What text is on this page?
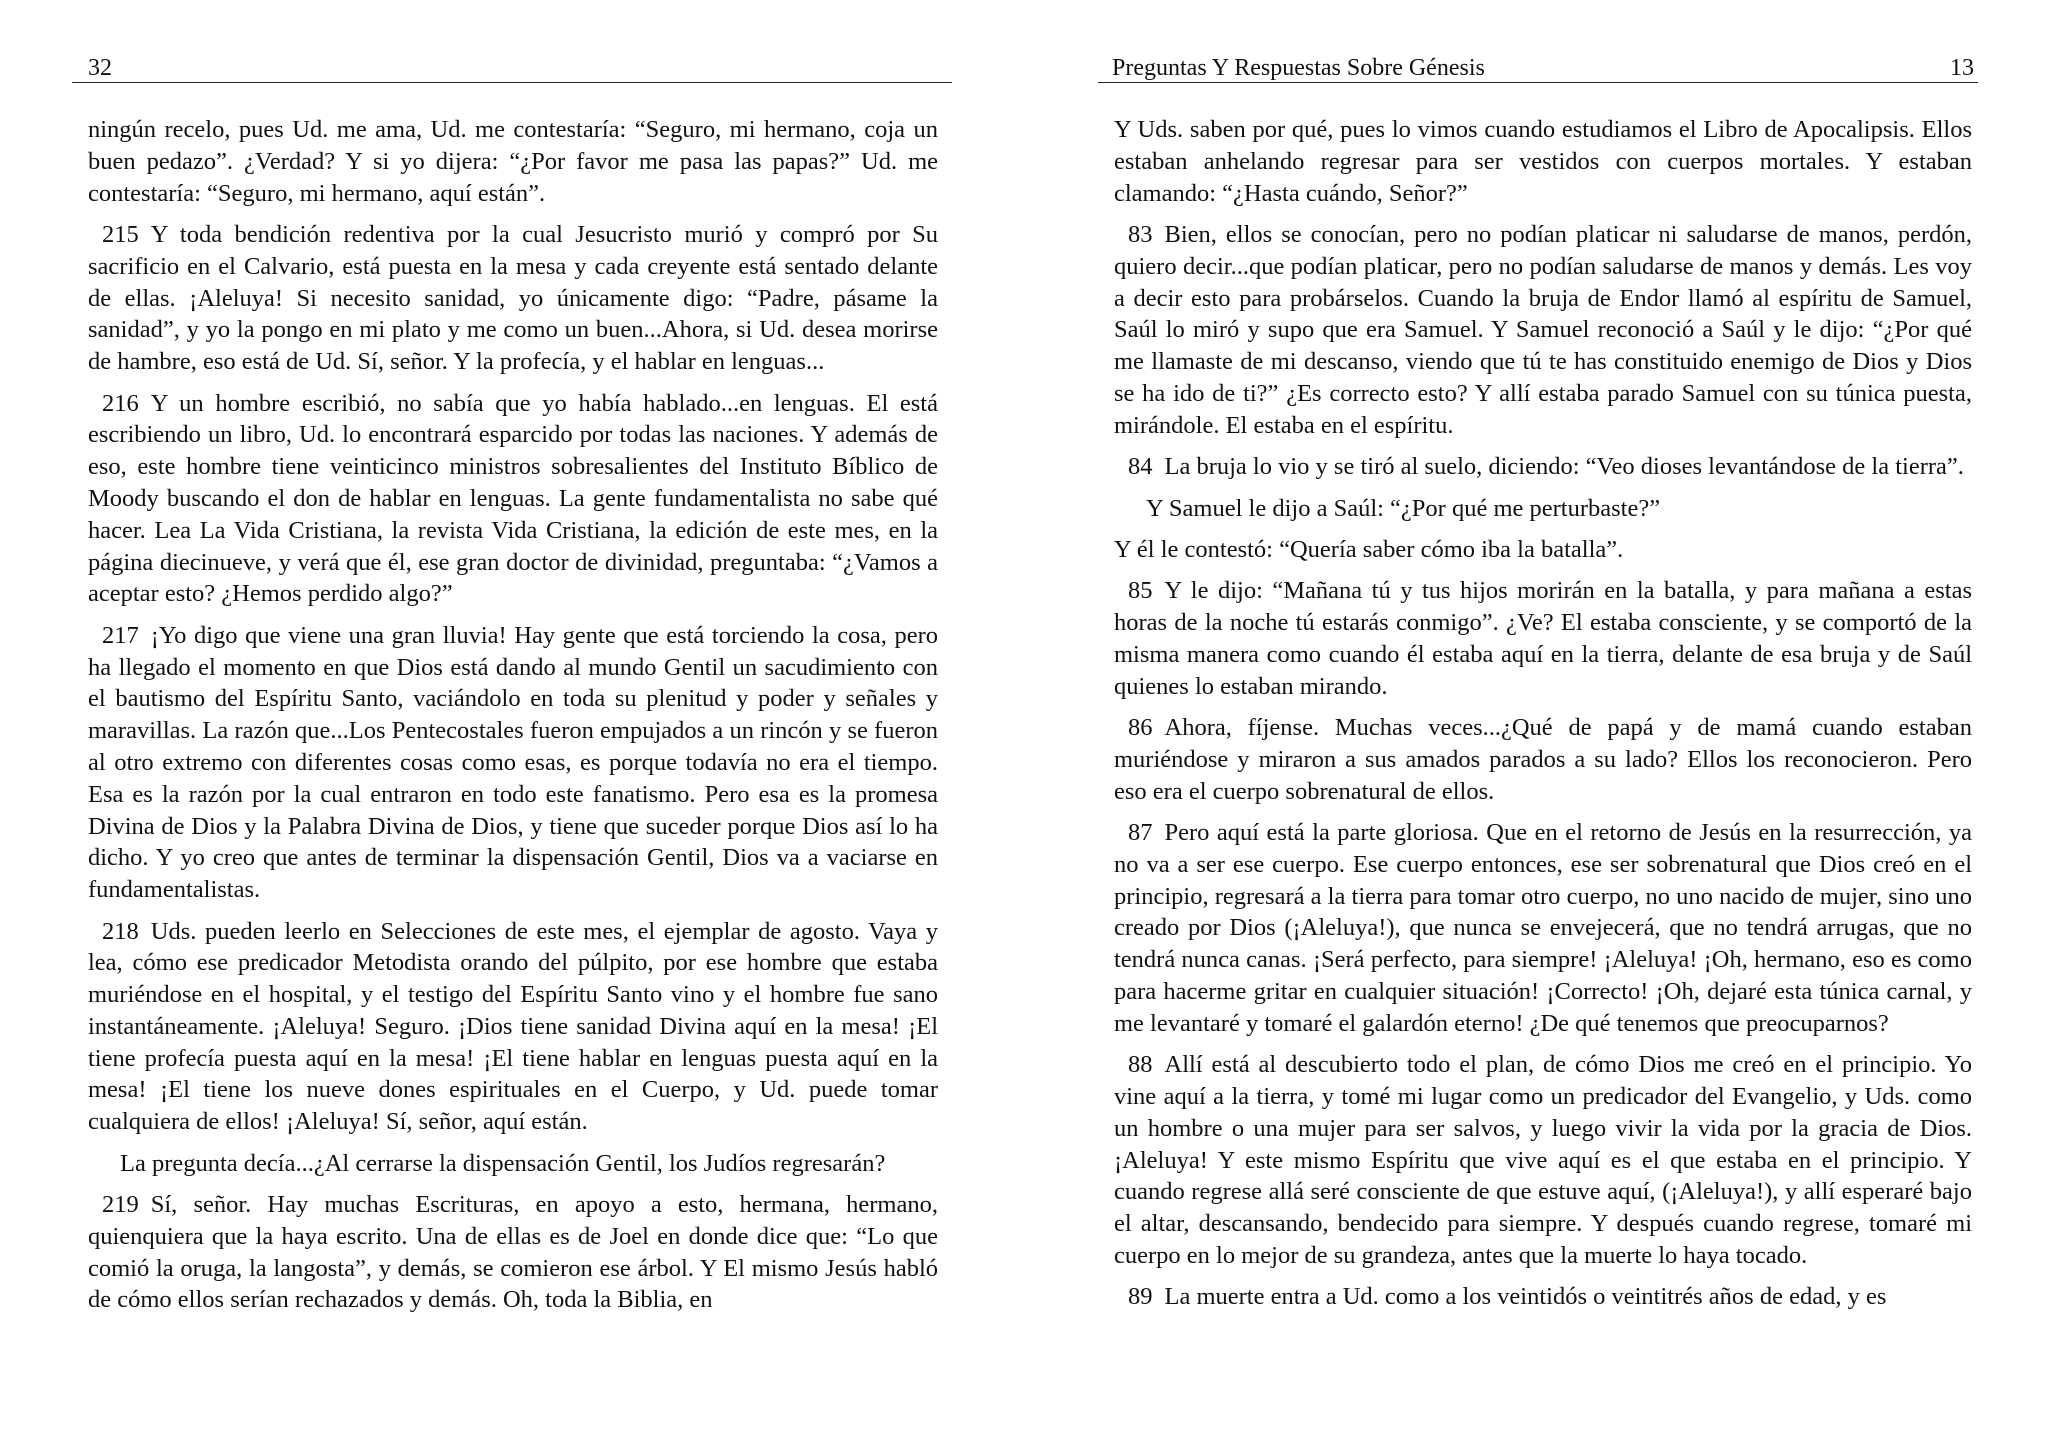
32

ningún recelo, pues Ud. me ama, Ud. me contestaría: “Seguro, mi hermano, coja un buen pedazo”. ¿Verdad? Y si yo dijera: “¿Por favor me pasa las papas?” Ud. me contestaría: “Seguro, mi hermano, aquí están”.

215 Y toda bendición redentiva por la cual Jesucristo murió y compró por Su sacrificio en el Calvario, está puesta en la mesa y cada creyente está sentado delante de ellas. ¡Aleluya! Si necesito sanidad, yo únicamente digo: “Padre, pásame la sanidad”, y yo la pongo en mi plato y me como un buen...Ahora, si Ud. desea morirse de hambre, eso está de Ud. Sí, señor. Y la profecía, y el hablar en lenguas...

216 Y un hombre escribió, no sabía que yo había hablado...en lenguas. El está escribiendo un libro, Ud. lo encontrará esparcido por todas las naciones. Y además de eso, este hombre tiene veinticinco ministros sobresalientes del Instituto Bíblico de Moody buscando el don de hablar en lenguas. La gente fundamentalista no sabe qué hacer. Lea La Vida Cristiana, la revista Vida Cristiana, la edición de este mes, en la página diecinueve, y verá que él, ese gran doctor de divinidad, preguntaba: “¿Vamos a aceptar esto? ¿Hemos perdido algo?”

217 ¡Yo digo que viene una gran lluvia! Hay gente que está torciendo la cosa, pero ha llegado el momento en que Dios está dando al mundo Gentil un sacudimiento con el bautismo del Espíritu Santo, vaciándolo en toda su plenitud y poder y señales y maravillas. La razón que...Los Pentecostales fueron empujados a un rincón y se fueron al otro extremo con diferentes cosas como esas, es porque todavía no era el tiempo. Esa es la razón por la cual entraron en todo este fanatismo. Pero esa es la promesa Divina de Dios y la Palabra Divina de Dios, y tiene que suceder porque Dios así lo ha dicho. Y yo creo que antes de terminar la dispensación Gentil, Dios va a vaciarse en fundamentalistas.

218 Uds. pueden leerlo en Selecciones de este mes, el ejemplar de agosto. Vaya y lea, cómo ese predicador Metodista orando del púlpito, por ese hombre que estaba muriéndose en el hospital, y el testigo del Espíritu Santo vino y el hombre fue sano instantáneamente. ¡Aleluya! Seguro. ¡Dios tiene sanidad Divina aquí en la mesa! ¡El tiene profecía puesta aquí en la mesa! ¡El tiene hablar en lenguas puesta aquí en la mesa! ¡El tiene los nueve dones espirituales en el Cuerpo, y Ud. puede tomar cualquiera de ellos! ¡Aleluya! Sí, señor, aquí están.

La pregunta decía...¿Al cerrarse la dispensación Gentil, los Judíos regresarán?

219 Sí, señor. Hay muchas Escrituras, en apoyo a esto, hermana, hermano, quienquiera que la haya escrito. Una de ellas es de Joel en donde dice que: “Lo que comió la oruga, la langosta”, y demás, se comieron ese árbol. Y El mismo Jesús habló de cómo ellos serían rechazados y demás. Oh, toda la Biblia, en

Preguntas Y Respuestas Sobre Génesis	13

Y Uds. saben por qué, pues lo vimos cuando estudiamos el Libro de Apocalipsis. Ellos estaban anhelando regresar para ser vestidos con cuerpos mortales. Y estaban clamando: “¿Hasta cuándo, Señor?”

83 Bien, ellos se conocían, pero no podían platicar ni saludarse de manos, perdón, quiero decir...que podían platicar, pero no podían saludarse de manos y demás. Les voy a decir esto para probárselos. Cuando la bruja de Endor llamó al espíritu de Samuel, Saúl lo miró y supo que era Samuel. Y Samuel reconoció a Saúl y le dijo: “¿Por qué me llamaste de mi descanso, viendo que tú te has constituido enemigo de Dios y Dios se ha ido de ti?” ¿Es correcto esto? Y allí estaba parado Samuel con su túnica puesta, mirándole. El estaba en el espíritu.

84 La bruja lo vio y se tiró al suelo, diciendo: “Veo dioses levantándose de la tierra”.

Y Samuel le dijo a Saúl: “¿Por qué me perturbaste?”

Y él le contestó: “Quería saber cómo iba la batalla”.

85 Y le dijo: “Mañana tú y tus hijos morirán en la batalla, y para mañana a estas horas de la noche tú estarás conmigo”. ¿Ve? El estaba consciente, y se comportó de la misma manera como cuando él estaba aquí en la tierra, delante de esa bruja y de Saúl quienes lo estaban mirando.

86 Ahora, fíjense. Muchas veces...¿Qué de papá y de mamá cuando estaban muriéndose y miraron a sus amados parados a su lado? Ellos los reconocieron. Pero eso era el cuerpo sobrenatural de ellos.

87 Pero aquí está la parte gloriosa. Que en el retorno de Jesús en la resurrección, ya no va a ser ese cuerpo. Ese cuerpo entonces, ese ser sobrenatural que Dios creó en el principio, regresará a la tierra para tomar otro cuerpo, no uno nacido de mujer, sino uno creado por Dios (¡Aleluya!), que nunca se envejecerá, que no tendrá arrugas, que no tendrá nunca canas. ¡Será perfecto, para siempre! ¡Aleluya! ¡Oh, hermano, eso es como para hacerme gritar en cualquier situación! ¡Correcto! ¡Oh, dejaré esta túnica carnal, y me levantaré y tomaré el galardón eterno! ¿De qué tenemos que preocuparnos?

88 Allí está al descubierto todo el plan, de cómo Dios me creó en el principio. Yo vine aquí a la tierra, y tomé mi lugar como un predicador del Evangelio, y Uds. como un hombre o una mujer para ser salvos, y luego vivir la vida por la gracia de Dios. ¡Aleluya! Y este mismo Espíritu que vive aquí es el que estaba en el principio. Y cuando regrese allá seré consciente de que estuve aquí, (¡Aleluya!), y allí esperaré bajo el altar, descansando, bendecido para siempre. Y después cuando regrese, tomaré mi cuerpo en lo mejor de su grandeza, antes que la muerte lo haya tocado.

89 La muerte entra a Ud. como a los veintidós o veintitrés años de edad, y es
